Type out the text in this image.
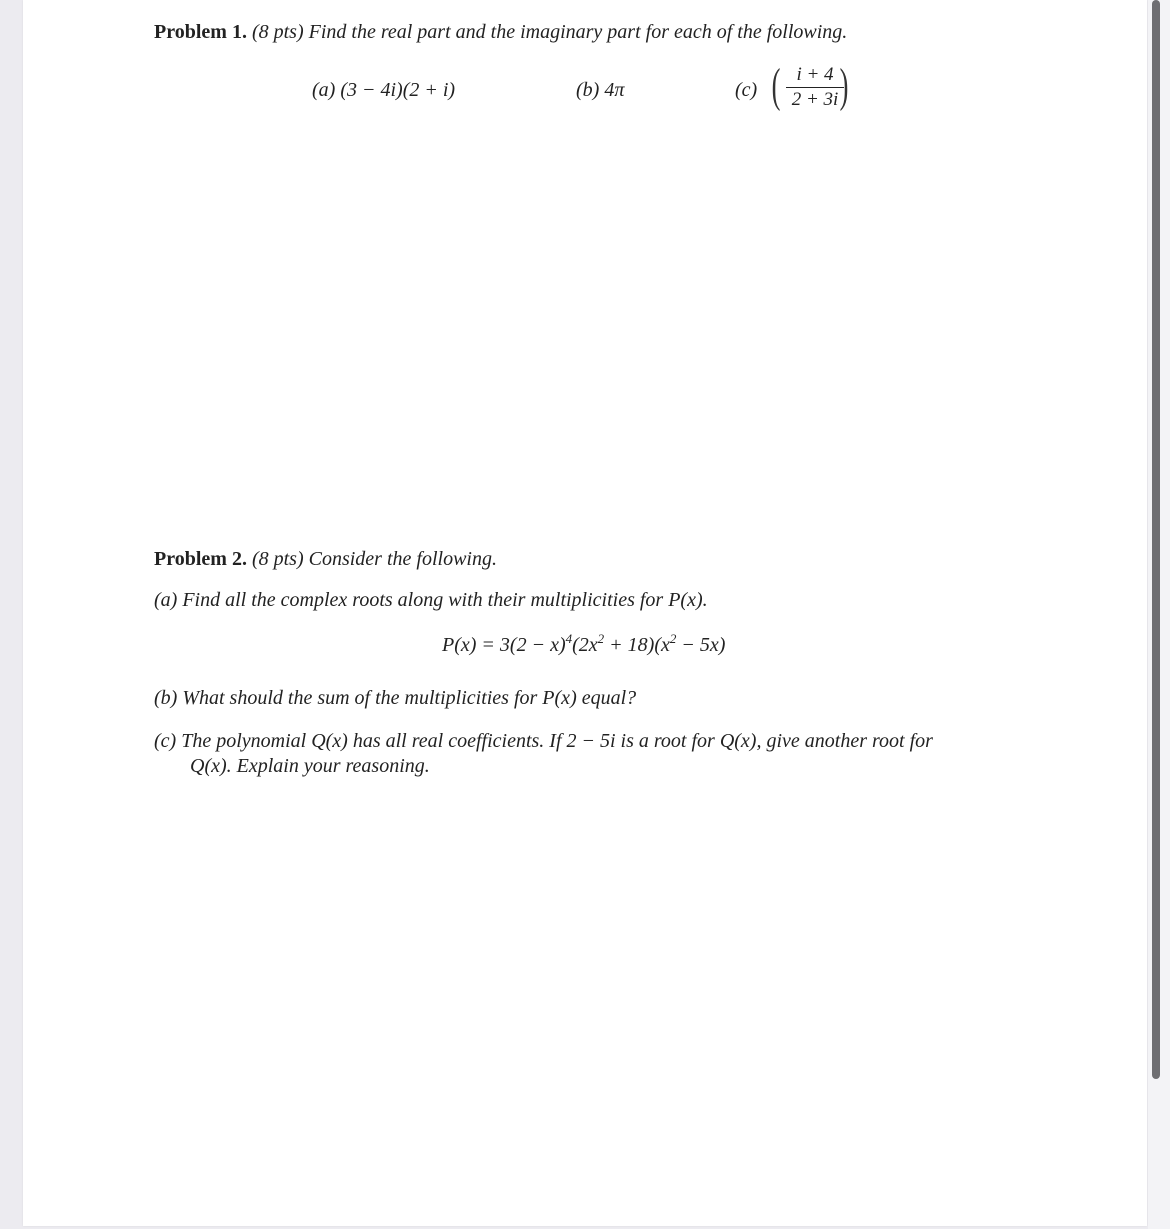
Problem 1. (8 pts) Find the real part and the imaginary part for each of the following.
(a) (3 − 4i)(2 + i)	(b) 4π	(c) ( i + 4
2 + 3i )
Problem 2. (8 pts) Consider the following.
(a) Find all the complex roots along with their multiplicities for P(x).
$P(x) = 3(2 - x)^4(2x^2 + 18)(x^2 - 5x)$
(b) What should the sum of the multiplicities for P(x) equal?
(c) The polynomial Q(x) has all real coefficients. If 2 − 5i is a root for Q(x), give another root for
Q(x). Explain your reasoning.
